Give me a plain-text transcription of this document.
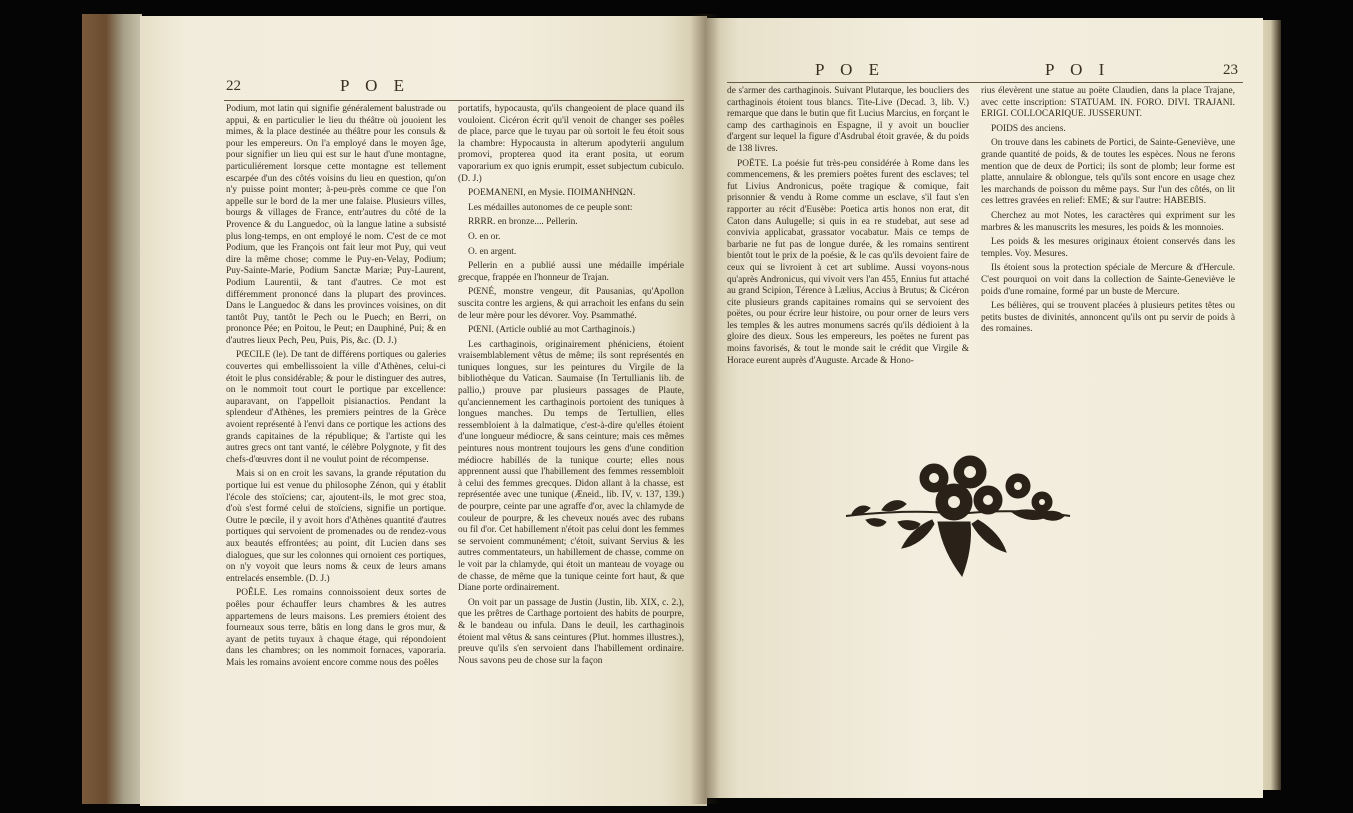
22	P O E

Podium, mot latin qui signifie généralement balustrade ou appui, & en particulier le lieu du théâtre où jouoient les mimes, & la place destinée au théâtre pour les consuls & pour les empereurs. On l'a employé dans le moyen âge, pour signifier un lieu qui est sur le haut d'une montagne, particuliérement lorsque cette montagne est tellement escarpée d'un des côtés voisins du lieu en question, qu'on n'y puisse point monter; à-peu-près comme ce que l'on appelle sur le bord de la mer une falaise. Plusieurs villes, bourgs & villages de France, entr'autres du côté de la Provence & du Languedoc, où la langue latine a subsisté plus long-temps, en ont employé le nom. C'est de ce mot Podium, que les François ont fait leur mot Puy, qui veut dire la même chose; comme le Puy-en-Velay, Podium; Puy-Sainte-Marie, Podium Sanctæ Mariæ; Puy-Laurent, Podium Laurentii, & tant d'autres. Ce mot est différemment prononcé dans la plupart des provinces. Dans le Languedoc & dans les provinces voisines, on dit tantôt Puy, tantôt le Pech ou le Puech; en Berri, on prononce Pée; en Poitou, le Peut; en Dauphiné, Pui; & en d'autres lieux Pech, Peu, Puis, Pis, &c. (D. J.)

PŒCILE (le). De tant de différens portiques ou galeries couvertes qui embellissoient la ville d'Athènes, celui-ci étoit le plus considérable; & pour le distinguer des autres, on le nommoit tout court le portique par excellence: auparavant, on l'appelloit pisianactios. Pendant la splendeur d'Athènes, les premiers peintres de la Grèce avoient représenté à l'envi dans ce portique les actions des grands capitaines de la république; & l'artiste qui les autres grecs ont tant vanté, le célèbre Polygnote, y fit des chefs-d'œuvres dont il ne voulut point de récompense.

Mais si on en croit les savans, la grande réputation du portique lui est venue du philosophe Zénon, qui y établit l'école des stoïciens; car, ajoutent-ils, le mot grec stoa, d'où s'est formé celui de stoïciens, signifie un portique. Outre le pœcile, il y avoit hors d'Athènes quantité d'autres portiques qui servoient de promenades ou de rendez-vous aux beautés effrontées; au point, dit Lucien dans ses dialogues, que sur les colonnes qui ornoient ces portiques, on n'y voyoit que leurs noms & ceux de leurs amans entrelacés ensemble. (D. J.)

POÊLE. Les romains connoissoient deux sortes de poêles pour échauffer leurs chambres & les autres appartemens de leurs maisons. Les premiers étoient des fourneaux sous terre, bâtis en long dans le gros mur, & ayant de petits tuyaux à chaque étage, qui répondoient dans les chambres; on les nommoit fornaces, vaporaria. Mais les romains avoient encore comme nous des poêles

portatifs, hypocausta, qu'ils changeoient de place quand ils vouloient. Cicéron écrit qu'il venoit de changer ses poêles de place, parce que le tuyau par où sortoit le feu étoit sous la chambre: Hypocausta in alterum apodyterii angulum promovi, propterea quod ita erant posita, ut eorum vaporarium ex quo ignis erumpit, esset subjectum cubiculo. (D. J.)

POEMANENI, en Mysie. ΠΟΙΜΑΝΗΝΩΝ.

Les médailles autonomes de ce peuple sont:

RRRR. en bronze.... Pellerin.

O. en or.

O. en argent.

Pellerin en a publié aussi une médaille impériale grecque, frappée en l'honneur de Trajan.

PŒNÉ, monstre vengeur, dit Pausanias, qu'Apollon suscita contre les argiens, & qui arrachoit les enfans du sein de leur mère pour les dévorer. Voy. Psammathé.

PŒNI. (Article oublié au mot Carthaginois.)

Les carthaginois, originairement phéniciens, étoient vraisemblablement vêtus de même; ils sont représentés en tuniques longues, sur les peintures du Virgile de la bibliothèque du Vatican. Saumaise (In Tertullianis lib. de pallio,) prouve par plusieurs passages de Plaute, qu'anciennement les carthaginois portoient des tuniques à longues manches. Du temps de Tertullien, elles ressembloient à la dalmatique, c'est-à-dire qu'elles étoient d'une longueur médiocre, & sans ceinture; mais ces mêmes peintures nous montrent toujours les gens d'une condition médiocre habillés de la tunique courte; elles nous apprennent aussi que l'habillement des femmes ressembloit à celui des femmes grecques. Didon allant à la chasse, est représentée avec une tunique (Æneid., lib. IV, v. 137, 139.) de pourpre, ceinte par une agraffe d'or, avec la chlamyde de couleur de pourpre, & les cheveux noués avec des rubans ou fil d'or. Cet habillement n'étoit pas celui dont les femmes se servoient communément; c'étoit, suivant Servius & les autres commentateurs, un habillement de chasse, comme on le voit par la chlamyde, qui étoit un manteau de voyage ou de chasse, de même que la tunique ceinte fort haut, & que Diane porte ordinairement.

On voit par un passage de Justin (Justin, lib. XIX, c. 2.), que les prêtres de Carthage portoient des habits de pourpre, & le bandeau ou infula. Dans le deuil, les carthaginois étoient mal vêtus & sans ceintures (Plut. hommes illustres.), preuve qu'ils s'en servoient dans l'habillement ordinaire. Nous savons peu de chose sur la façon

P O E	P O I	23

de s'armer des carthaginois. Suivant Plutarque, les boucliers des carthaginois étoient tous blancs. Tite-Live (Decad. 3, lib. V.) remarque que dans le butin que fit Lucius Marcius, en forçant le camp des carthaginois en Espagne, il y avoit un bouclier d'argent sur lequel la figure d'Asdrubal étoit gravée, & du poids de 138 livres.

POËTE. La poésie fut très-peu considérée à Rome dans les commencemens, & les premiers poëtes furent des esclaves; tel fut Livius Andronicus, poëte tragique & comique, fait prisonnier & vendu à Rome comme un esclave, s'il faut s'en rapporter au récit d'Eusèbe: Poetica artis honos non erat, dit Caton dans Aulugelle; si quis in ea re studebat, aut sese ad convivia applicabat, grassator vocabatur. Mais ce temps de barbarie ne fut pas de longue durée, & les romains sentirent bientôt tout le prix de la poésie, & le cas qu'ils devoient faire de ceux qui se livroient à cet art sublime. Aussi voyons-nous qu'après Andronicus, qui vivoit vers l'an 455, Ennius fut attaché au grand Scipion, Térence à Lælius, Accius à Brutus; & Cicéron cite plusieurs grands capitaines romains qui se servoient des poëtes, ou pour écrire leur histoire, ou pour orner de leurs vers les temples & les autres monumens sacrés qu'ils dédioient à la gloire des dieux. Sous les empereurs, les poëtes ne furent pas moins favorisés, & tout le monde sait le crédit que Virgile & Horace eurent auprès d'Auguste. Arcade & Hono-

rius élevèrent une statue au poëte Claudien, dans la place Trajane, avec cette inscription: STATUAM. IN. FORO. DIVI. TRAJANI. ERIGI. COLLOCARIQUE. JUSSERUNT.

POIDS des anciens.

On trouve dans les cabinets de Portici, de Sainte-Geneviève, une grande quantité de poids, & de toutes les espèces. Nous ne ferons mention que de deux de Portici; ils sont de plomb; leur forme est platte, annulaire & oblongue, tels qu'ils sont encore en usage chez les marchands de poisson du même pays. Sur l'un des côtés, on lit ces lettres gravées en relief: EME; & sur l'autre: HABEBIS.

Cherchez au mot Notes, les caractères qui expriment sur les marbres & les manuscrits les mesures, les poids & les monnoies.

Les poids & les mesures originaux étoient conservés dans les temples. Voy. Mesures.

Ils étoient sous la protection spéciale de Mercure & d'Hercule. C'est pourquoi on voit dans la collection de Sainte-Geneviève le poids d'une romaine, formé par un buste de Mercure.

Les bélières, qui se trouvent placées à plusieurs petites têtes ou petits bustes de divinités, annoncent qu'ils ont pu servir de poids à des romaines.
